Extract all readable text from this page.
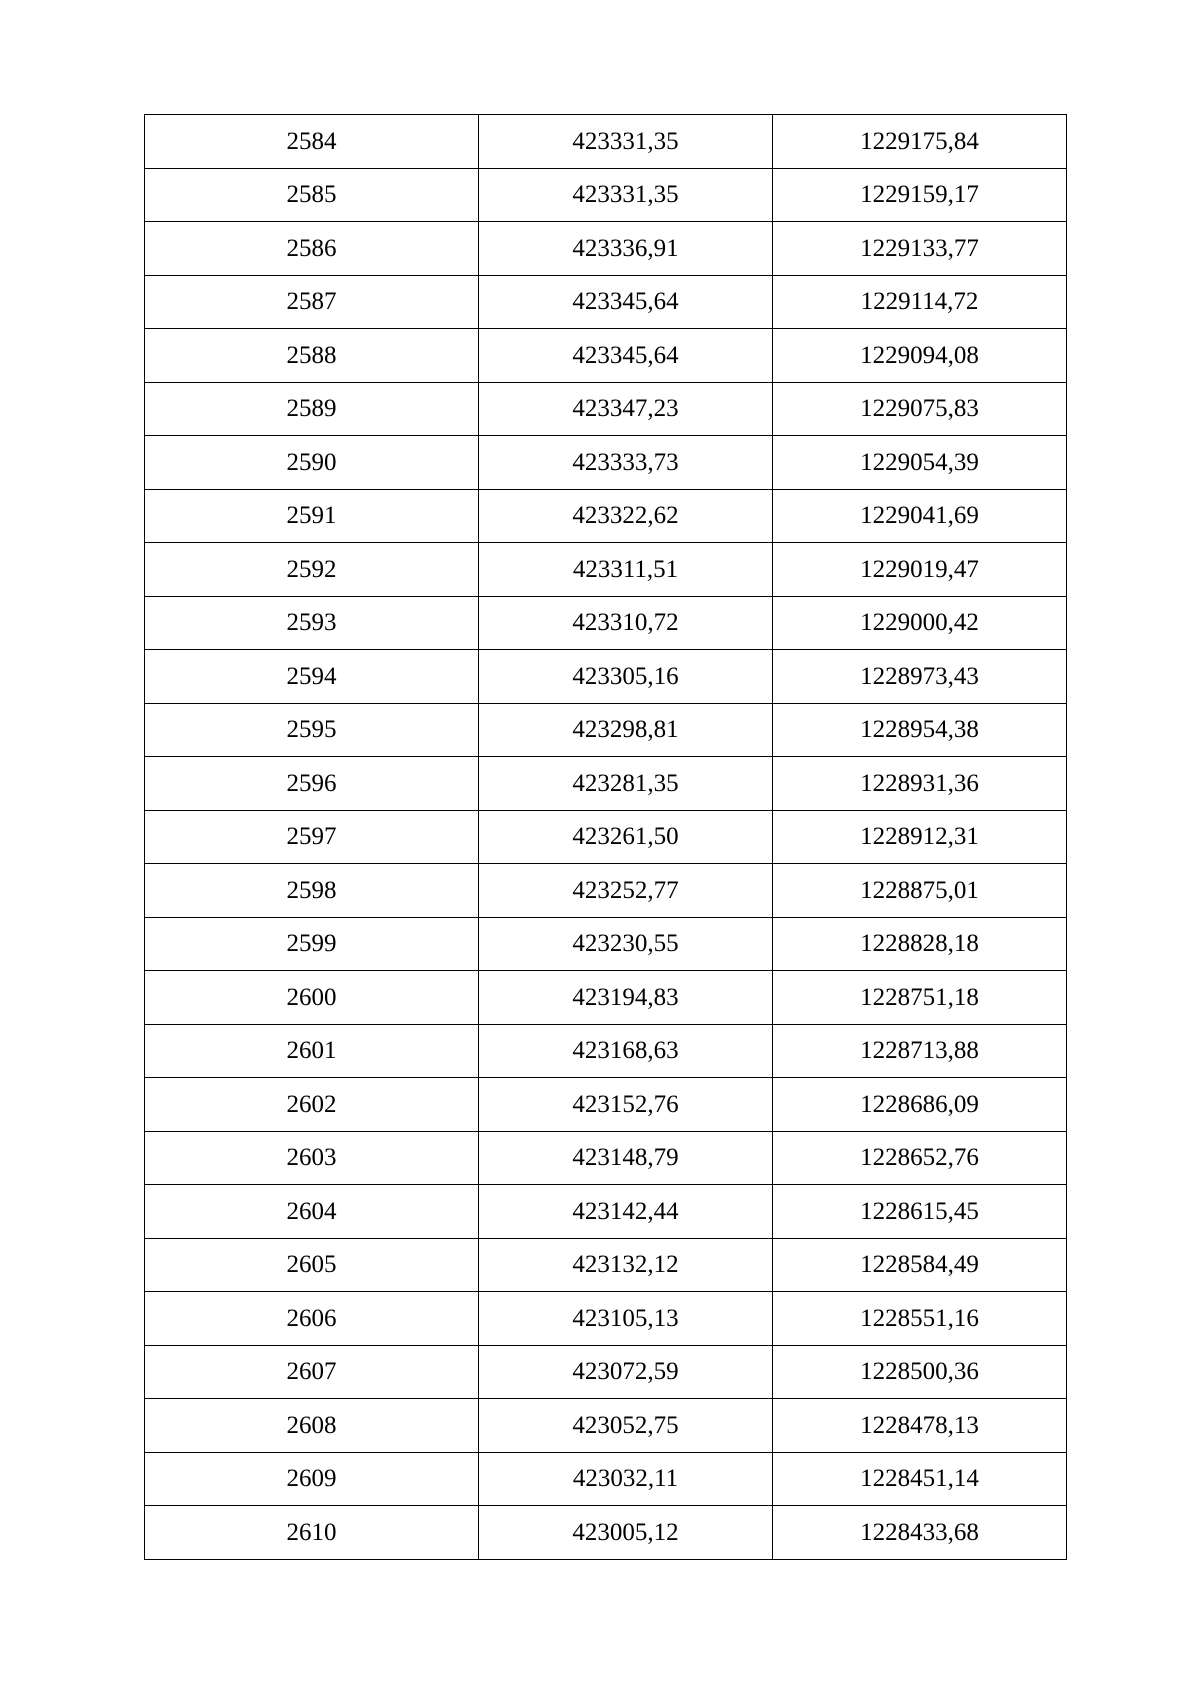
2584	423331,35	1229175,84
2585	423331,35	1229159,17
2586	423336,91	1229133,77
2587	423345,64	1229114,72
2588	423345,64	1229094,08
2589	423347,23	1229075,83
2590	423333,73	1229054,39
2591	423322,62	1229041,69
2592	423311,51	1229019,47
2593	423310,72	1229000,42
2594	423305,16	1228973,43
2595	423298,81	1228954,38
2596	423281,35	1228931,36
2597	423261,50	1228912,31
2598	423252,77	1228875,01
2599	423230,55	1228828,18
2600	423194,83	1228751,18
2601	423168,63	1228713,88
2602	423152,76	1228686,09
2603	423148,79	1228652,76
2604	423142,44	1228615,45
2605	423132,12	1228584,49
2606	423105,13	1228551,16
2607	423072,59	1228500,36
2608	423052,75	1228478,13
2609	423032,11	1228451,14
2610	423005,12	1228433,68
